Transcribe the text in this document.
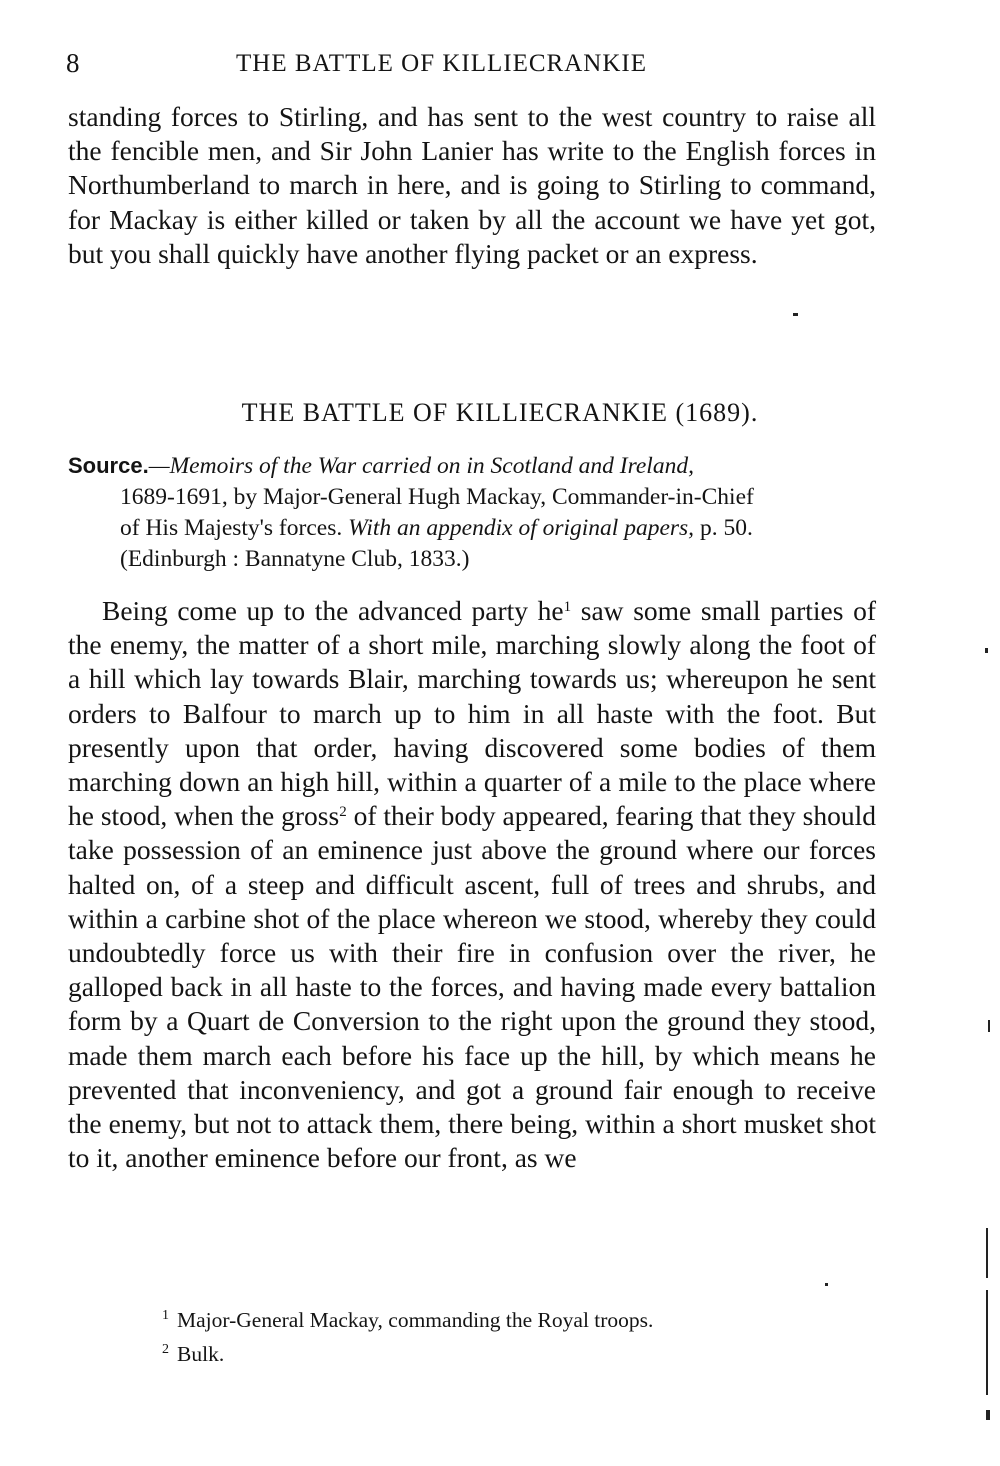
8	THE BATTLE OF KILLIECRANKIE

standing forces to Stirling, and has sent to the west country to raise all the fencible men, and Sir John Lanier has write to the English forces in Northumberland to march in here, and is going to Stirling to command, for Mackay is either killed or taken by all the account we have yet got, but you shall quickly have another flying packet or an express.

THE BATTLE OF KILLIECRANKIE (1689).
Source.—Memoirs of the War carried on in Scotland and Ireland,
1689-1691, by Major-General Hugh Mackay, Commander-in-Chief
of His Majesty's forces. With an appendix of original papers, p. 50.
(Edinburgh : Bannatyne Club, 1833.)

Being come up to the advanced party $he^1$ saw some small parties of the enemy, the matter of a short mile, marching slowly along the foot of a hill which lay towards Blair, marching towards us; whereupon he sent orders to Balfour to march up to him in all haste with the foot. But presently upon that order, having discovered some bodies of them marching down an high hill, within a quarter of a mile to the place where he stood, when the gross$^2$ of their body appeared, fearing that they should take possession of an eminence just above the ground where our forces halted on, of a steep and difficult ascent, full of trees and shrubs, and within a carbine shot of the place whereon we stood, whereby they could undoubtedly force us with their fire in confusion over the river, he galloped back in all haste to the forces, and having made every battalion form by a Quart de Conversion to the right upon the ground they stood, made them march each before his face up the hill, by which means he prevented that inconveniency, and got a ground fair enough to receive the enemy, but not to attack them, there being, within a short musket shot to it, another eminence before our front, as we

$^1$ Major-General Mackay, commanding the Royal troops.
$^2$ Bulk.
